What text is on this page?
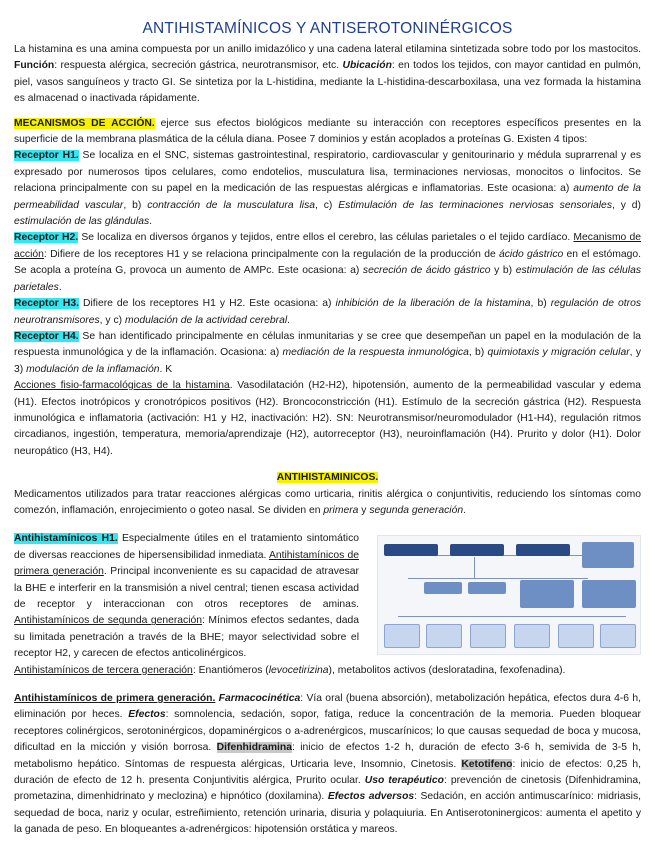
ANTIHISTAMÍNICOS Y ANTISEROTONINÉRGICOS

La histamina es una amina compuesta por un anillo imidazólico y una cadena lateral etilamina sintetizada sobre todo por los mastocitos. Función: respuesta alérgica, secreción gástrica, neurotransmisor, etc. Ubicación: en todos los tejidos, con mayor cantidad en pulmón, piel, vasos sanguíneos y tracto GI. Se sintetiza por la L-histidina, mediante la L-histidina-descarboxilasa, una vez formada la histamina es almacenad o inactivada rápidamente.

MECANISMOS DE ACCIÓN. ejerce sus efectos biológicos mediante su interacción con receptores específicos presentes en la superficie de la membrana plasmática de la célula diana. Posee 7 dominios y están acoplados a proteínas G. Existen 4 tipos:

Receptor H1. Se localiza en el SNC, sistemas gastrointestinal, respiratorio, cardiovascular y genitourinario y médula suprarrenal y es expresado por numerosos tipos celulares, como endotelios, musculatura lisa, terminaciones nerviosas, monocitos o linfocitos. Se relaciona principalmente con su papel en la medicación de las respuestas alérgicas e inflamatorias. Este ocasiona: a) aumento de la permeabilidad vascular, b) contracción de la musculatura lisa, c) Estimulación de las terminaciones nerviosas sensoriales, y d) estimulación de las glándulas.

Receptor H2. Se localiza en diversos órganos y tejidos, entre ellos el cerebro, las células parietales o el tejido cardíaco. Mecanismo de acción: Difiere de los receptores H1 y se relaciona principalmente con la regulación de la producción de ácido gástrico en el estómago. Se acopla a proteína G, provoca un aumento de AMPc. Este ocasiona: a) secreción de ácido gástrico y b) estimulación de las células parietales.

Receptor H3. Difiere de los receptores H1 y H2. Este ocasiona: a) inhibición de la liberación de la histamina, b) regulación de otros neurotransmisores, y c) modulación de la actividad cerebral.

Receptor H4. Se han identificado principalmente en células inmunitarias y se cree que desempeñan un papel en la modulación de la respuesta inmunológica y de la inflamación. Ocasiona: a) mediación de la respuesta inmunológica, b) quimiotaxis y migración celular, y 3) modulación de la inflamación. K

Acciones fisio-farmacológicas de la histamina. Vasodilatación (H2-H2), hipotensión, aumento de la permeabilidad vascular y edema (H1). Efectos inotrópicos y cronotrópicos positivos (H2). Broncoconstricción (H1). Estímulo de la secreción gástrica (H2). Respuesta inmunológica e inflamatoria (activación: H1 y H2, inactivación: H2). SN: Neurotransmisor/neuromodulador (H1-H4), regulación ritmos circadianos, ingestión, temperatura, memoria/aprendizaje (H2), autorreceptor (H3), neuroinflamación (H4). Prurito y dolor (H1). Dolor neuropático (H3, H4).

ANTIHISTAMINICOS.

Medicamentos utilizados para tratar reacciones alérgicas como urticaria, rinitis alérgica o conjuntivitis, reduciendo los síntomas como comezón, inflamación, enrojecimiento o goteo nasal. Se dividen en primera y segunda generación.

Antihistamínicos H1. Especialmente útiles en el tratamiento sintomático de diversas reacciones de hipersensibilidad inmediata. Antihistamínicos de primera generación. Principal inconveniente es su capacidad de atravesar la BHE e interferir en la transmisión a nivel central; tienen escasa actividad de receptor y interaccionan con otros receptores de aminas. Antihistamínicos de segunda generación: Mínimos efectos sedantes, dada su limitada penetración a través de la BHE; mayor selectividad sobre el receptor H2, y carecen de efectos anticolinérgicos.

Antihistamínicos de tercera generación: Enantiómeros (levocetirizina), metabolitos activos (desloratadina, fexofenadina).

Antihistamínicos de primera generación. Farmacocinética: Vía oral (buena absorción), metabolización hepática, efectos dura 4-6 h, eliminación por heces. Efectos: somnolencia, sedación, sopor, fatiga, reduce la concentración de la memoria. Pueden bloquear receptores colinérgicos, serotoninérgicos, dopaminérgicos o a-adrenérgicos, muscarínicos; lo que causas sequedad de boca y mucosa, dificultad en la micción y visión borrosa. Difenhidramina: inicio de efectos 1-2 h, duración de efecto 3-6 h, semivida de 3-5 h, metabolismo hepático. Síntomas de respuesta alérgicas, Urticaria leve, Insomnio, Cinetosis. Ketotifeno: inicio de efectos: 0,25 h, duración de efecto de 12 h. presenta Conjuntivitis alérgica, Prurito ocular. Uso terapéutico: prevención de cinetosis (Difenhidramina, prometazina, dimenhidrinato y meclozina) e hipnótico (doxilamina). Efectos adversos: Sedación, en acción antimuscarínico: midriasis, sequedad de boca, nariz y ocular, estreñimiento, retención urinaria, disuria y polaquiuria. En Antiserotoninergicos: aumenta el apetito y la ganada de peso. En bloqueantes a-adrenérgicos: hipotensión orstática y mareos.
